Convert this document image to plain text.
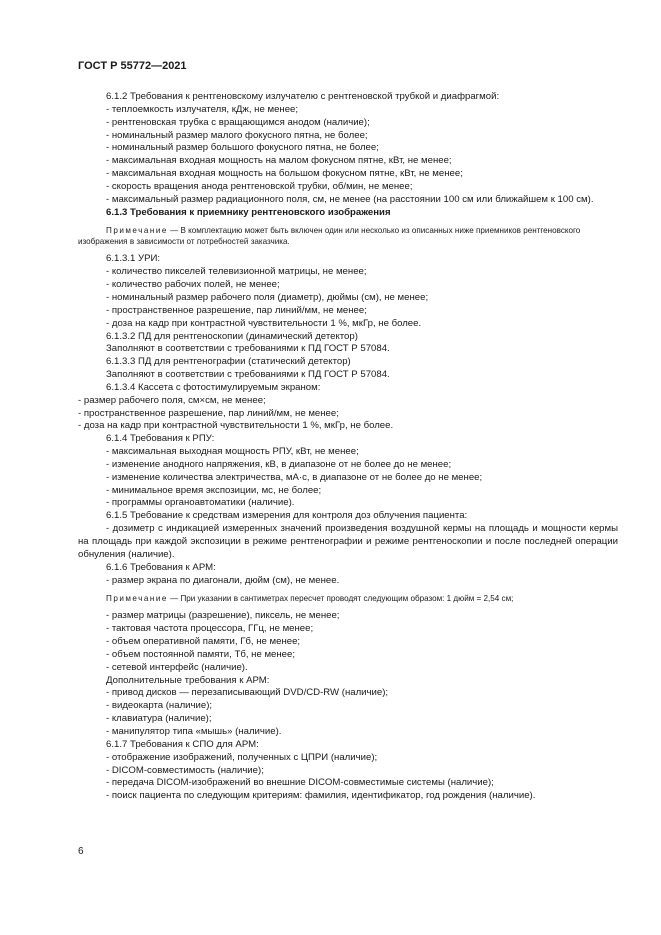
ГОСТ Р 55772—2021
6.1.2 Требования к рентгеновскому излучателю с рентгеновской трубкой и диафрагмой:
- теплоемкость излучателя, кДж, не менее;
- рентгеновская трубка с вращающимся анодом (наличие);
- номинальный размер малого фокусного пятна, не более;
- номинальный размер большого фокусного пятна, не более;
- максимальная входная мощность на малом фокусном пятне, кВт, не менее;
- максимальная входная мощность на большом фокусном пятне, кВт, не менее;
- скорость вращения анода рентгеновской трубки, об/мин, не менее;
- максимальный размер радиационного поля, см, не менее (на расстоянии 100 см или ближайшем к 100 см).
6.1.3 Требования к приемнику рентгеновского изображения
Примечание — В комплектацию может быть включен один или несколько из описанных ниже приемников рентгеновского изображения в зависимости от потребностей заказчика.
6.1.3.1 УРИ:
- количество пикселей телевизионной матрицы, не менее;
- количество рабочих полей, не менее;
- номинальный размер рабочего поля (диаметр), дюймы (см), не менее;
- пространственное разрешение, пар линий/мм, не менее;
- доза на кадр при контрастной чувствительности 1 %, мкГр, не более.
6.1.3.2 ПД для рентгеноскопии (динамический детектор)
Заполняют в соответствии с требованиями к ПД ГОСТ Р 57084.
6.1.3.3 ПД для рентгенографии (статический детектор)
Заполняют в соответствии с требованиями к ПД ГОСТ Р 57084.
6.1.3.4 Кассета с фотостимулируемым экраном:
- размер рабочего поля, см×см, не менее;
- пространственное разрешение, пар линий/мм, не менее;
- доза на кадр при контрастной чувствительности 1 %, мкГр, не более.
6.1.4 Требования к РПУ:
- максимальная выходная мощность РПУ, кВт, не менее;
- изменение анодного напряжения, кВ, в диапазоне от не более до не менее;
- изменение количества электричества, мА·с, в диапазоне от не более до не менее;
- минимальное время экспозиции, мс, не более;
- программы органоавтоматики (наличие).
6.1.5 Требование к средствам измерения для контроля доз облучения пациента:
- дозиметр с индикацией измеренных значений произведения воздушной кермы на площадь и мощности кермы на площадь при каждой экспозиции в режиме рентгенографии и режиме рентгеноскопии и после последней операции обнуления (наличие).
6.1.6 Требования к АРМ:
- размер экрана по диагонали, дюйм (см), не менее.
Примечание — При указании в сантиметрах пересчет проводят следующим образом: 1 дюйм = 2,54 см;
- размер матрицы (разрешение), пиксель, не менее;
- тактовая частота процессора, ГГц, не менее;
- объем оперативной памяти, Гб, не менее;
- объем постоянной памяти, Тб, не менее;
- сетевой интерфейс (наличие).
Дополнительные требования к АРМ:
- привод дисков — перезаписывающий DVD/CD-RW (наличие);
- видеокарта (наличие);
- клавиатура (наличие);
- манипулятор типа «мышь» (наличие).
6.1.7 Требования к СПО для АРМ:
- отображение изображений, полученных с ЦПРИ (наличие);
- DICOM-совместимость (наличие);
- передача DICOM-изображений во внешние DICOM-совместимые системы (наличие);
- поиск пациента по следующим критериям: фамилия, идентификатор, год рождения (наличие).
6
